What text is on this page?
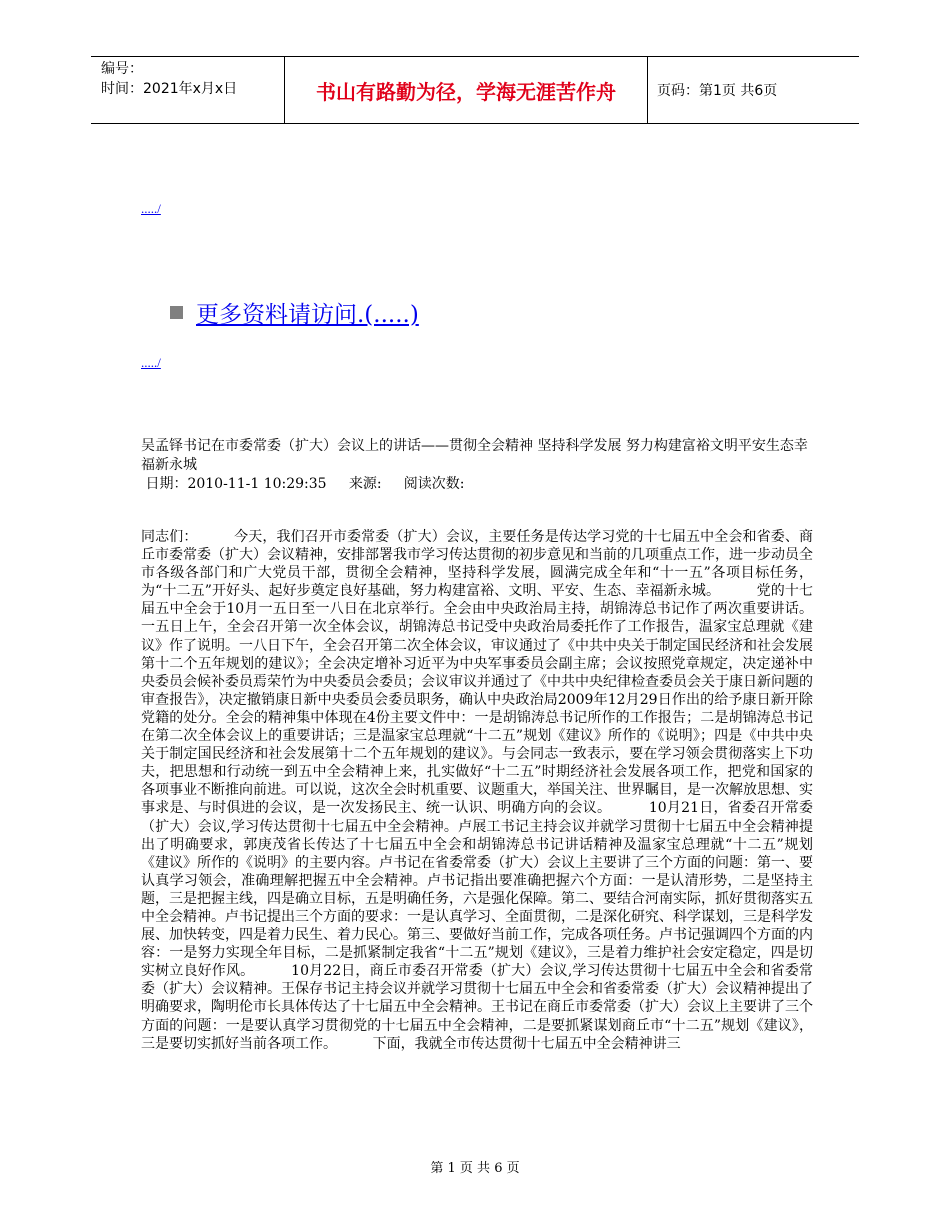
编号：
时间：2021年x月x日	书山有路勤为径，学海无涯苦作舟	页码：第1页 共6页
...../
更多资料请访问.(.....)
...../
吴孟铎书记在市委常委（扩大）会议上的讲话——贯彻全会精神 坚持科学发展 努力构建富裕文明平安生态幸福新永城
日期：2010-11-1 10:29:35     来源:     阅读次数:
同志们：        今天，我们召开市委常委（扩大）会议，主要任务是传达学习党的十七届五中全会和省委、商丘市委常委（扩大）会议精神，安排部署我市学习传达贯彻的初步意见和当前的几项重点工作，进一步动员全市各级各部门和广大党员干部，贯彻全会精神，坚持科学发展，圆满完成全年和“十一五”各项目标任务，为“十二五”开好头、起好步奠定良好基础，努力构建富裕、文明、平安、生态、幸福新永城。        党的十七届五中全会于10月一五日至一八日在北京举行。全会由中央政治局主持，胡锦涛总书记作了两次重要讲话。一五日上午，全会召开第一次全体会议，胡锦涛总书记受中央政治局委托作了工作报告，温家宝总理就《建议》作了说明。一八日下午，全会召开第二次全体会议，审议通过了《中共中央关于制定国民经济和社会发展第十二个五年规划的建议》；全会决定增补习近平为中央军事委员会副主席；会议按照党章规定，决定递补中央委员会候补委员焉荣竹为中央委员会委员；会议审议并通过了《中共中央纪律检查委员会关于康日新问题的审查报告》，决定撤销康日新中央委员会委员职务，确认中央政治局2009年12月29日作出的给予康日新开除党籍的处分。全会的精神集中体现在4份主要文件中：一是胡锦涛总书记所作的工作报告；二是胡锦涛总书记在第二次全体会议上的重要讲话；三是温家宝总理就“十二五”规划《建议》所作的《说明》；四是《中共中央关于制定国民经济和社会发展第十二个五年规划的建议》。与会同志一致表示，要在学习领会贯彻落实上下功夫，把思想和行动统一到五中全会精神上来，扎实做好“十二五”时期经济社会发展各项工作，把党和国家的各项事业不断推向前进。可以说，这次全会时机重要、议题重大，举国关注、世界瞩目，是一次解放思想、实事求是、与时俱进的会议，是一次发扬民主、统一认识、明确方向的会议。        10月21日，省委召开常委（扩大）会议,学习传达贯彻十七届五中全会精神。卢展工书记主持会议并就学习贯彻十七届五中全会精神提出了明确要求，郭庚茂省长传达了十七届五中全会和胡锦涛总书记讲话精神及温家宝总理就“十二五”规划《建议》所作的《说明》的主要内容。卢书记在省委常委（扩大）会议上主要讲了三个方面的问题：第一、要认真学习领会，准确理解把握五中全会精神。卢书记指出要准确把握六个方面：一是认清形势，二是坚持主题，三是把握主线，四是确立目标，五是明确任务，六是强化保障。第二、要结合河南实际，抓好贯彻落实五中全会精神。卢书记提出三个方面的要求：一是认真学习、全面贯彻，二是深化研究、科学谋划，三是科学发展、加快转变，四是着力民生、着力民心。第三、要做好当前工作，完成各项任务。卢书记强调四个方面的内容：一是努力实现全年目标，二是抓紧制定我省“十二五”规划《建议》，三是着力维护社会安定稳定，四是切实树立良好作风。        10月22日，商丘市委召开常委（扩大）会议,学习传达贯彻十七届五中全会和省委常委（扩大）会议精神。王保存书记主持会议并就学习贯彻十七届五中全会和省委常委（扩大）会议精神提出了明确要求，陶明伦市长具体传达了十七届五中全会精神。王书记在商丘市委常委（扩大）会议上主要讲了三个方面的问题：一是要认真学习贯彻党的十七届五中全会精神，二是要抓紧谋划商丘市“十二五”规划《建议》，三是要切实抓好当前各项工作。        下面，我就全市传达贯彻十七届五中全会精神讲三
第 1 页 共 6 页
